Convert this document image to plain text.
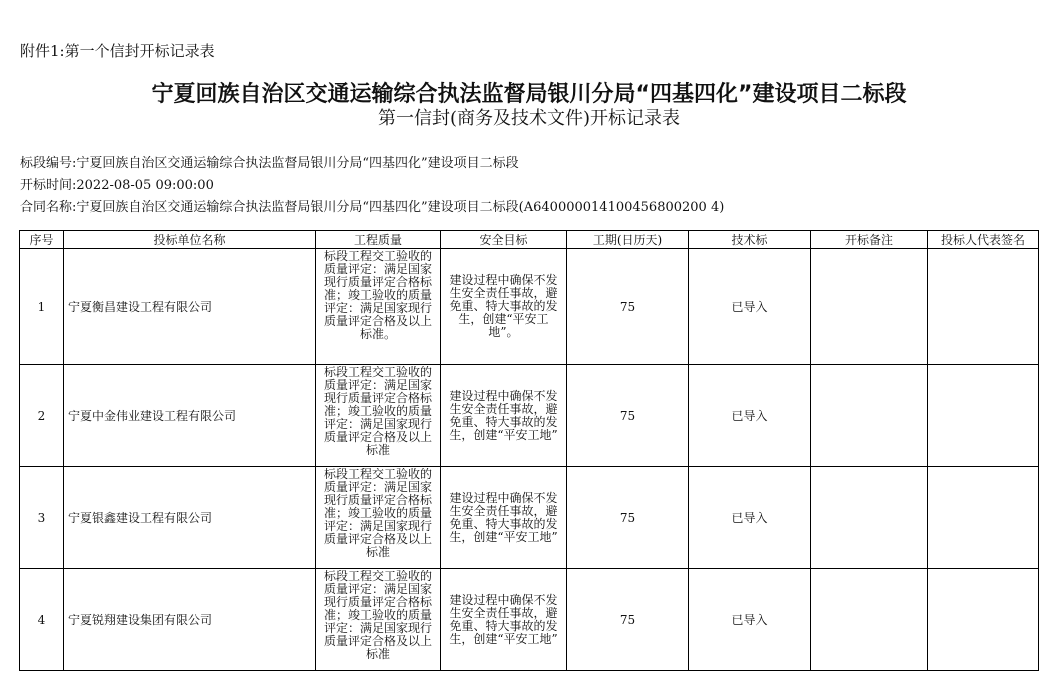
附件1:第一个信封开标记录表
宁夏回族自治区交通运输综合执法监督局银川分局“四基四化”建设项目二标段
第一信封(商务及技术文件)开标记录表
标段编号:宁夏回族自治区交通运输综合执法监督局银川分局“四基四化”建设项目二标段
开标时间:2022-08-05 09:00:00
合同名称:宁夏回族自治区交通运输综合执法监督局银川分局“四基四化”建设项目二标段(A640000014100456800200 4)
序号	投标单位名称	工程质量	安全目标	工期(日历天)	技术标	开标备注	投标人代表签名
1	宁夏衡昌建设工程有限公司	标段工程交工验收的质量评定：满足国家现行质量评定合格标准；竣工验收的质量评定：满足国家现行质量评定合格及以上标准。	建设过程中确保不发生安全责任事故，避免重、特大事故的发生，创建“平安工地”。	75	已导入		
2	宁夏中金伟业建设工程有限公司	标段工程交工验收的质量评定：满足国家现行质量评定合格标准；竣工验收的质量评定：满足国家现行质量评定合格及以上标准	建设过程中确保不发生安全责任事故，避免重、特大事故的发生，创建“平安工地”	75	已导入		
3	宁夏银鑫建设工程有限公司	标段工程交工验收的质量评定：满足国家现行质量评定合格标准；竣工验收的质量评定：满足国家现行质量评定合格及以上标准	建设过程中确保不发生安全责任事故，避免重、特大事故的发生，创建“平安工地”	75	已导入		
4	宁夏锐翔建设集团有限公司	标段工程交工验收的质量评定：满足国家现行质量评定合格标准；竣工验收的质量评定：满足国家现行质量评定合格及以上标准	建设过程中确保不发生安全责任事故，避免重、特大事故的发生，创建“平安工地”	75	已导入		
